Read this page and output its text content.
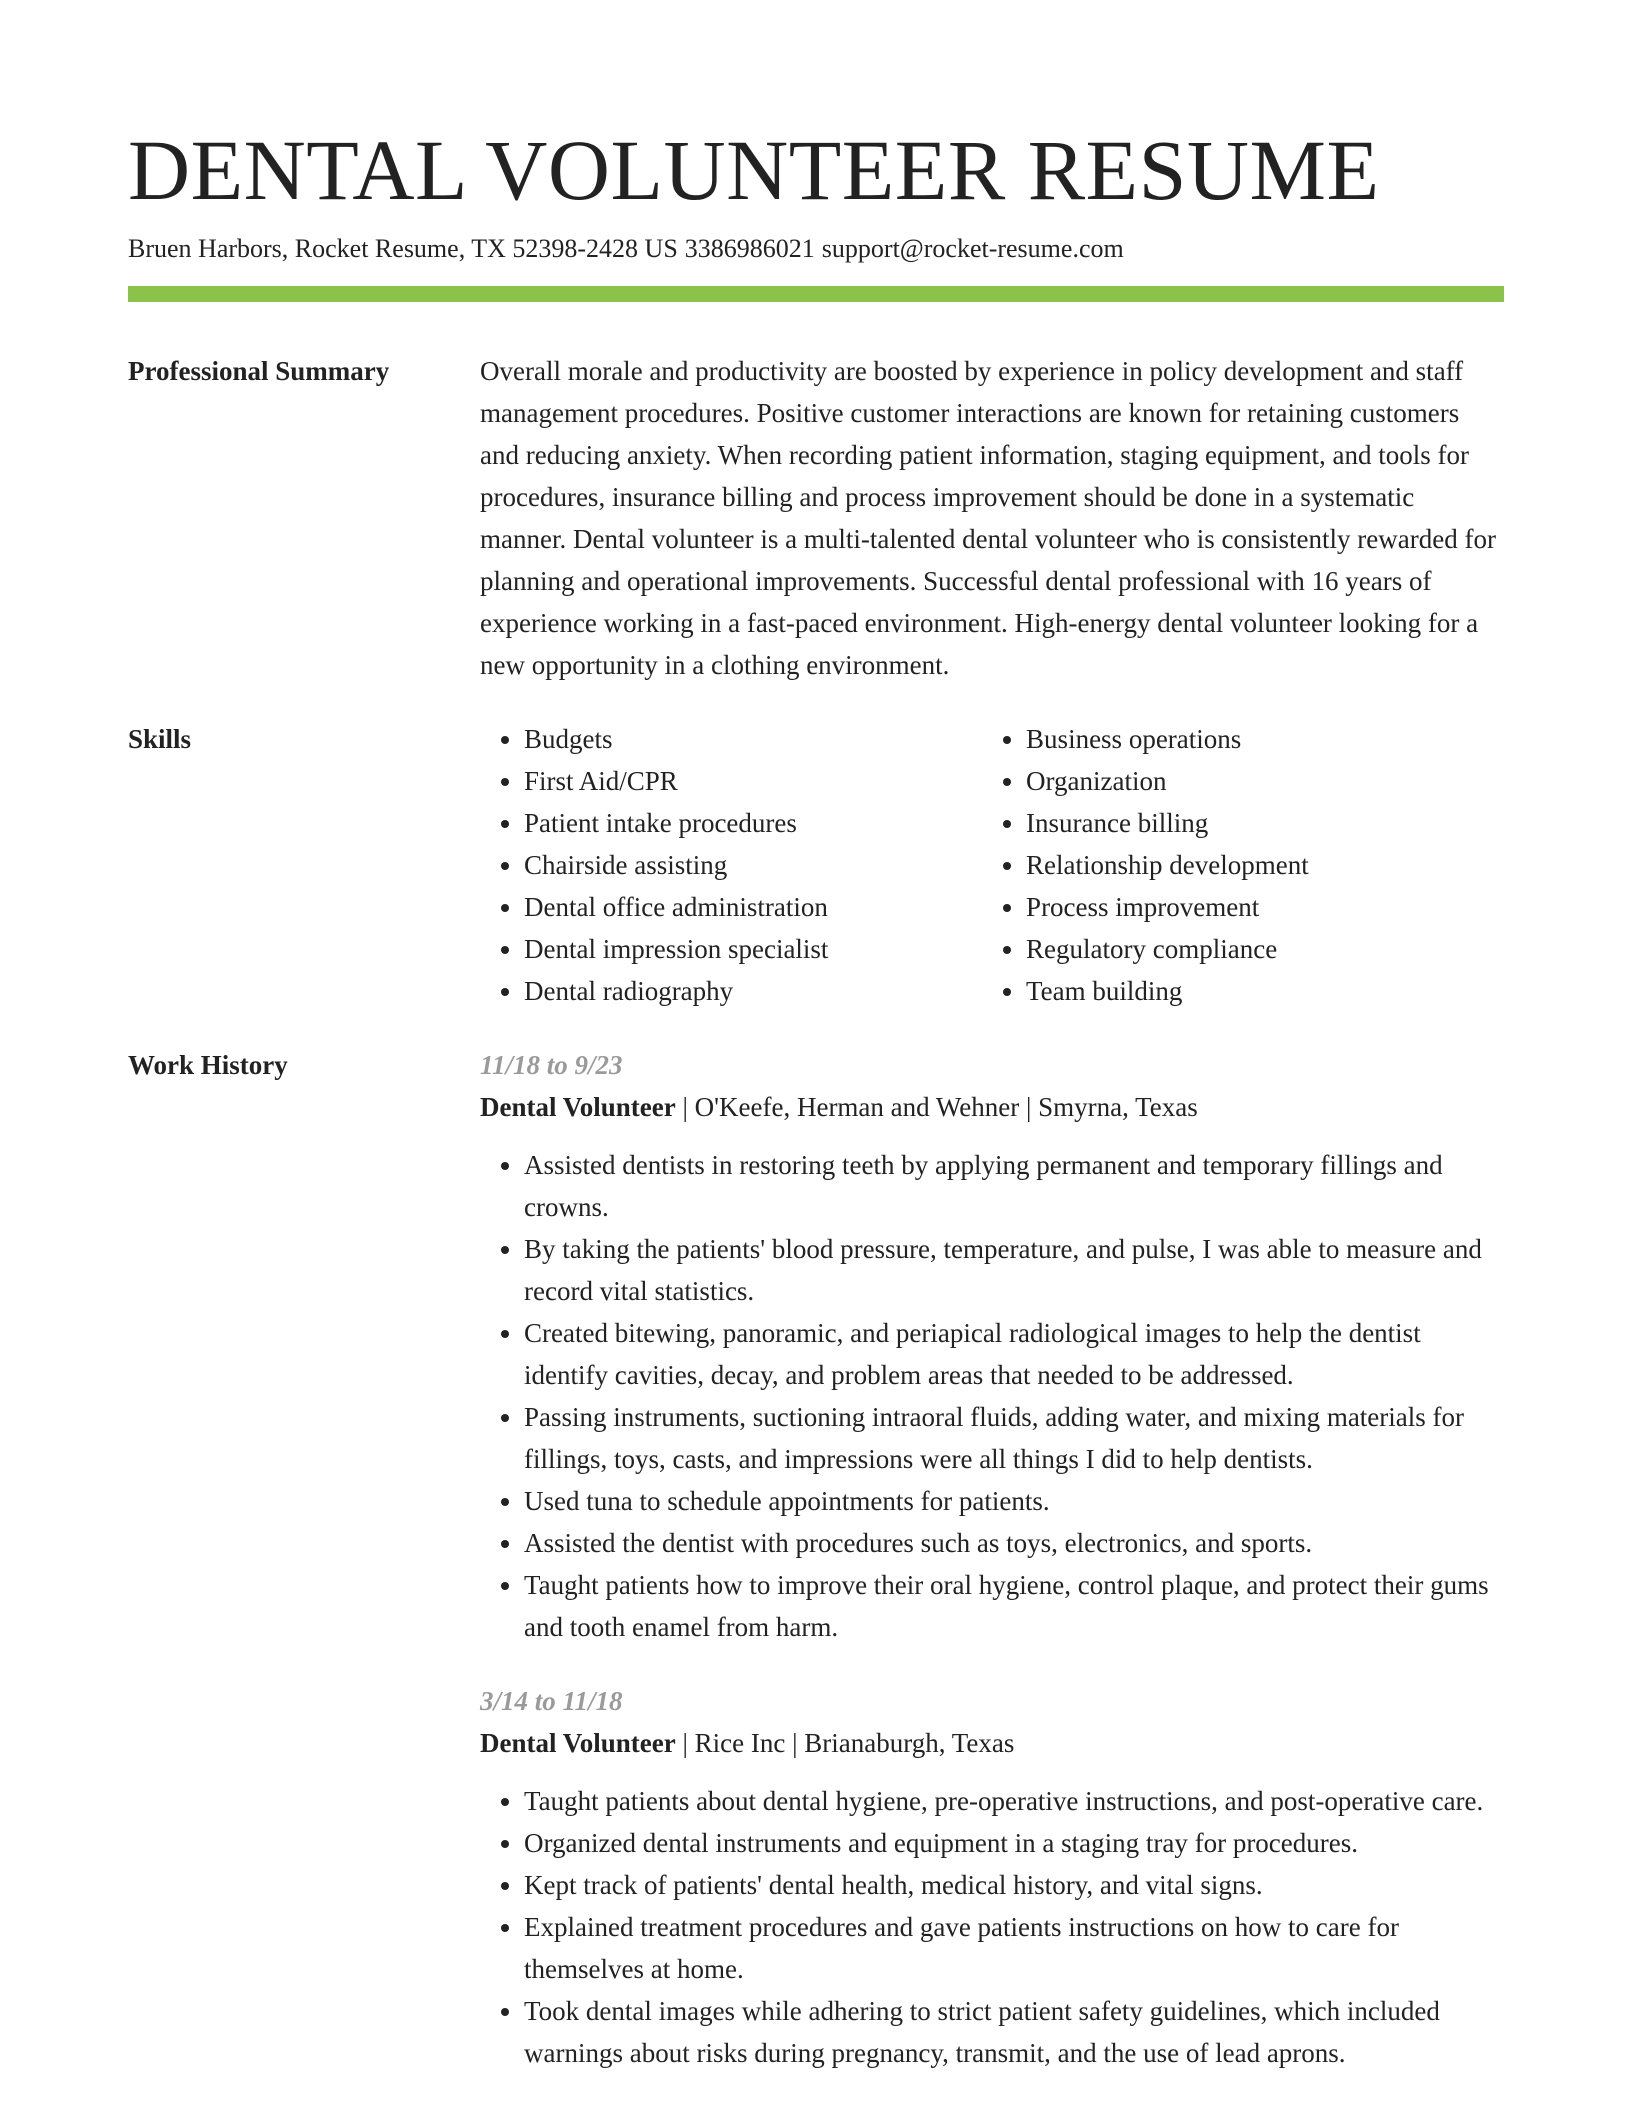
DENTAL VOLUNTEER RESUME
Bruen Harbors, Rocket Resume, TX 52398-2428 US 3386986021 support@rocket-resume.com
Professional Summary	Overall morale and productivity are boosted by experience in policy development and staff management procedures. Positive customer interactions are known for retaining customers and reducing anxiety. When recording patient information, staging equipment, and tools for procedures, insurance billing and process improvement should be done in a systematic manner. Dental volunteer is a multi-talented dental volunteer who is consistently rewarded for planning and operational improvements. Successful dental professional with 16 years of experience working in a fast-paced environment. High-energy dental volunteer looking for a new opportunity in a clothing environment.

Skills
•	Budgets
• First Aid/CPR
• Patient intake procedures
• Chairside assisting
• Dental office administration
• Dental impression specialist
• Dental radiography
• Business operations
• Organization
• Insurance billing
• Relationship development
• Process improvement
• Regulatory compliance
• Team building
Work History	11/18 to 9/23
Dental Volunteer | O'Keefe, Herman and Wehner | Smyrna, Texas
• Assisted dentists in restoring teeth by applying permanent and temporary fillings and crowns.
• By taking the patients' blood pressure, temperature, and pulse, I was able to measure and record vital statistics.
• Created bitewing, panoramic, and periapical radiological images to help the dentist identify cavities, decay, and problem areas that needed to be addressed.
• Passing instruments, suctioning intraoral fluids, adding water, and mixing materials for fillings, toys, casts, and impressions were all things I did to help dentists.
• Used tuna to schedule appointments for patients.
• Assisted the dentist with procedures such as toys, electronics, and sports.
• Taught patients how to improve their oral hygiene, control plaque, and protect their gums and tooth enamel from harm.
3/14 to 11/18
Dental Volunteer | Rice Inc | Brianaburgh, Texas
• Taught patients about dental hygiene, pre-operative instructions, and post-operative care.
• Organized dental instruments and equipment in a staging tray for procedures.
• Kept track of patients' dental health, medical history, and vital signs.
• Explained treatment procedures and gave patients instructions on how to care for themselves at home.
• Took dental images while adhering to strict patient safety guidelines, which included warnings about risks during pregnancy, transmit, and the use of lead aprons.
